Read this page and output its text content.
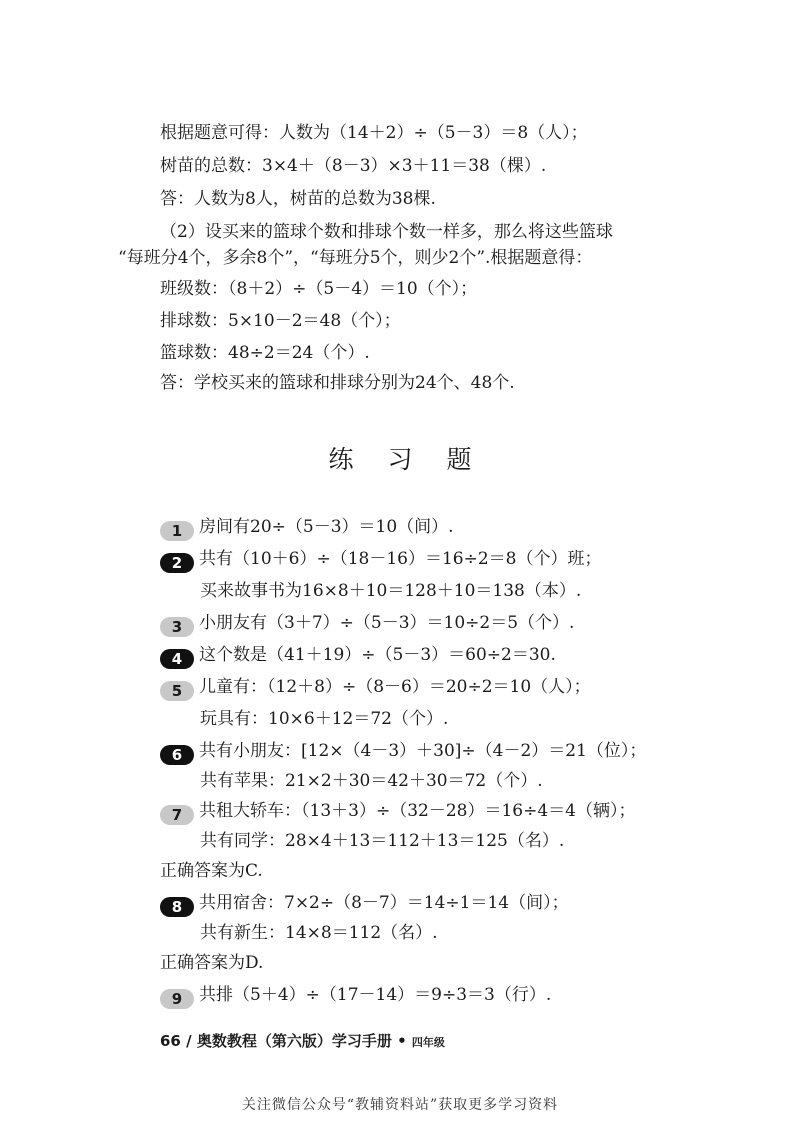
根据题意可得：人数为（14＋2）÷（5－3）＝8（人）；
树苗的总数：3×4＋（8－3）×3＋11＝38（棵）.
答：人数为8人，树苗的总数为38棵.
（2）设买来的篮球个数和排球个数一样多，那么将这些篮球
“每班分4个，多余8个”，“每班分5个，则少2个”.根据题意得：
班级数：（8＋2）÷（5－4）＝10（个）；
排球数：5×10－2＝48（个）；
篮球数：48÷2＝24（个）.
答：学校买来的篮球和排球分别为24个、48个.
练习题
1 房间有20÷（5－3）＝10（间）.
2 共有（10＋6）÷（18－16）＝16÷2＝8（个）班；
买来故事书为16×8＋10＝128＋10＝138（本）.
3 小朋友有（3＋7）÷（5－3）＝10÷2＝5（个）.
4 这个数是（41＋19）÷（5－3）＝60÷2＝30.
5 儿童有：（12＋8）÷（8－6）＝20÷2＝10（人）；
玩具有：10×6＋12＝72（个）.
6 共有小朋友：[12×（4－3）＋30]÷（4－2）＝21（位）；
共有苹果：21×2＋30＝42＋30＝72（个）.
7 共租大轿车：（13＋3）÷（32－28）＝16÷4＝4（辆）；
共有同学：28×4＋13＝112＋13＝125（名）.
正确答案为C.
8 共用宿舍：7×2÷（8－7）＝14÷1＝14（间）；
共有新生：14×8＝112（名）.
正确答案为D.
9 共排（5＋4）÷（17－14）＝9÷3＝3（行）.
66 / 奥数教程（第六版）学习手册 • 四年级
关注微信公众号“教辅资料站”获取更多学习资料
